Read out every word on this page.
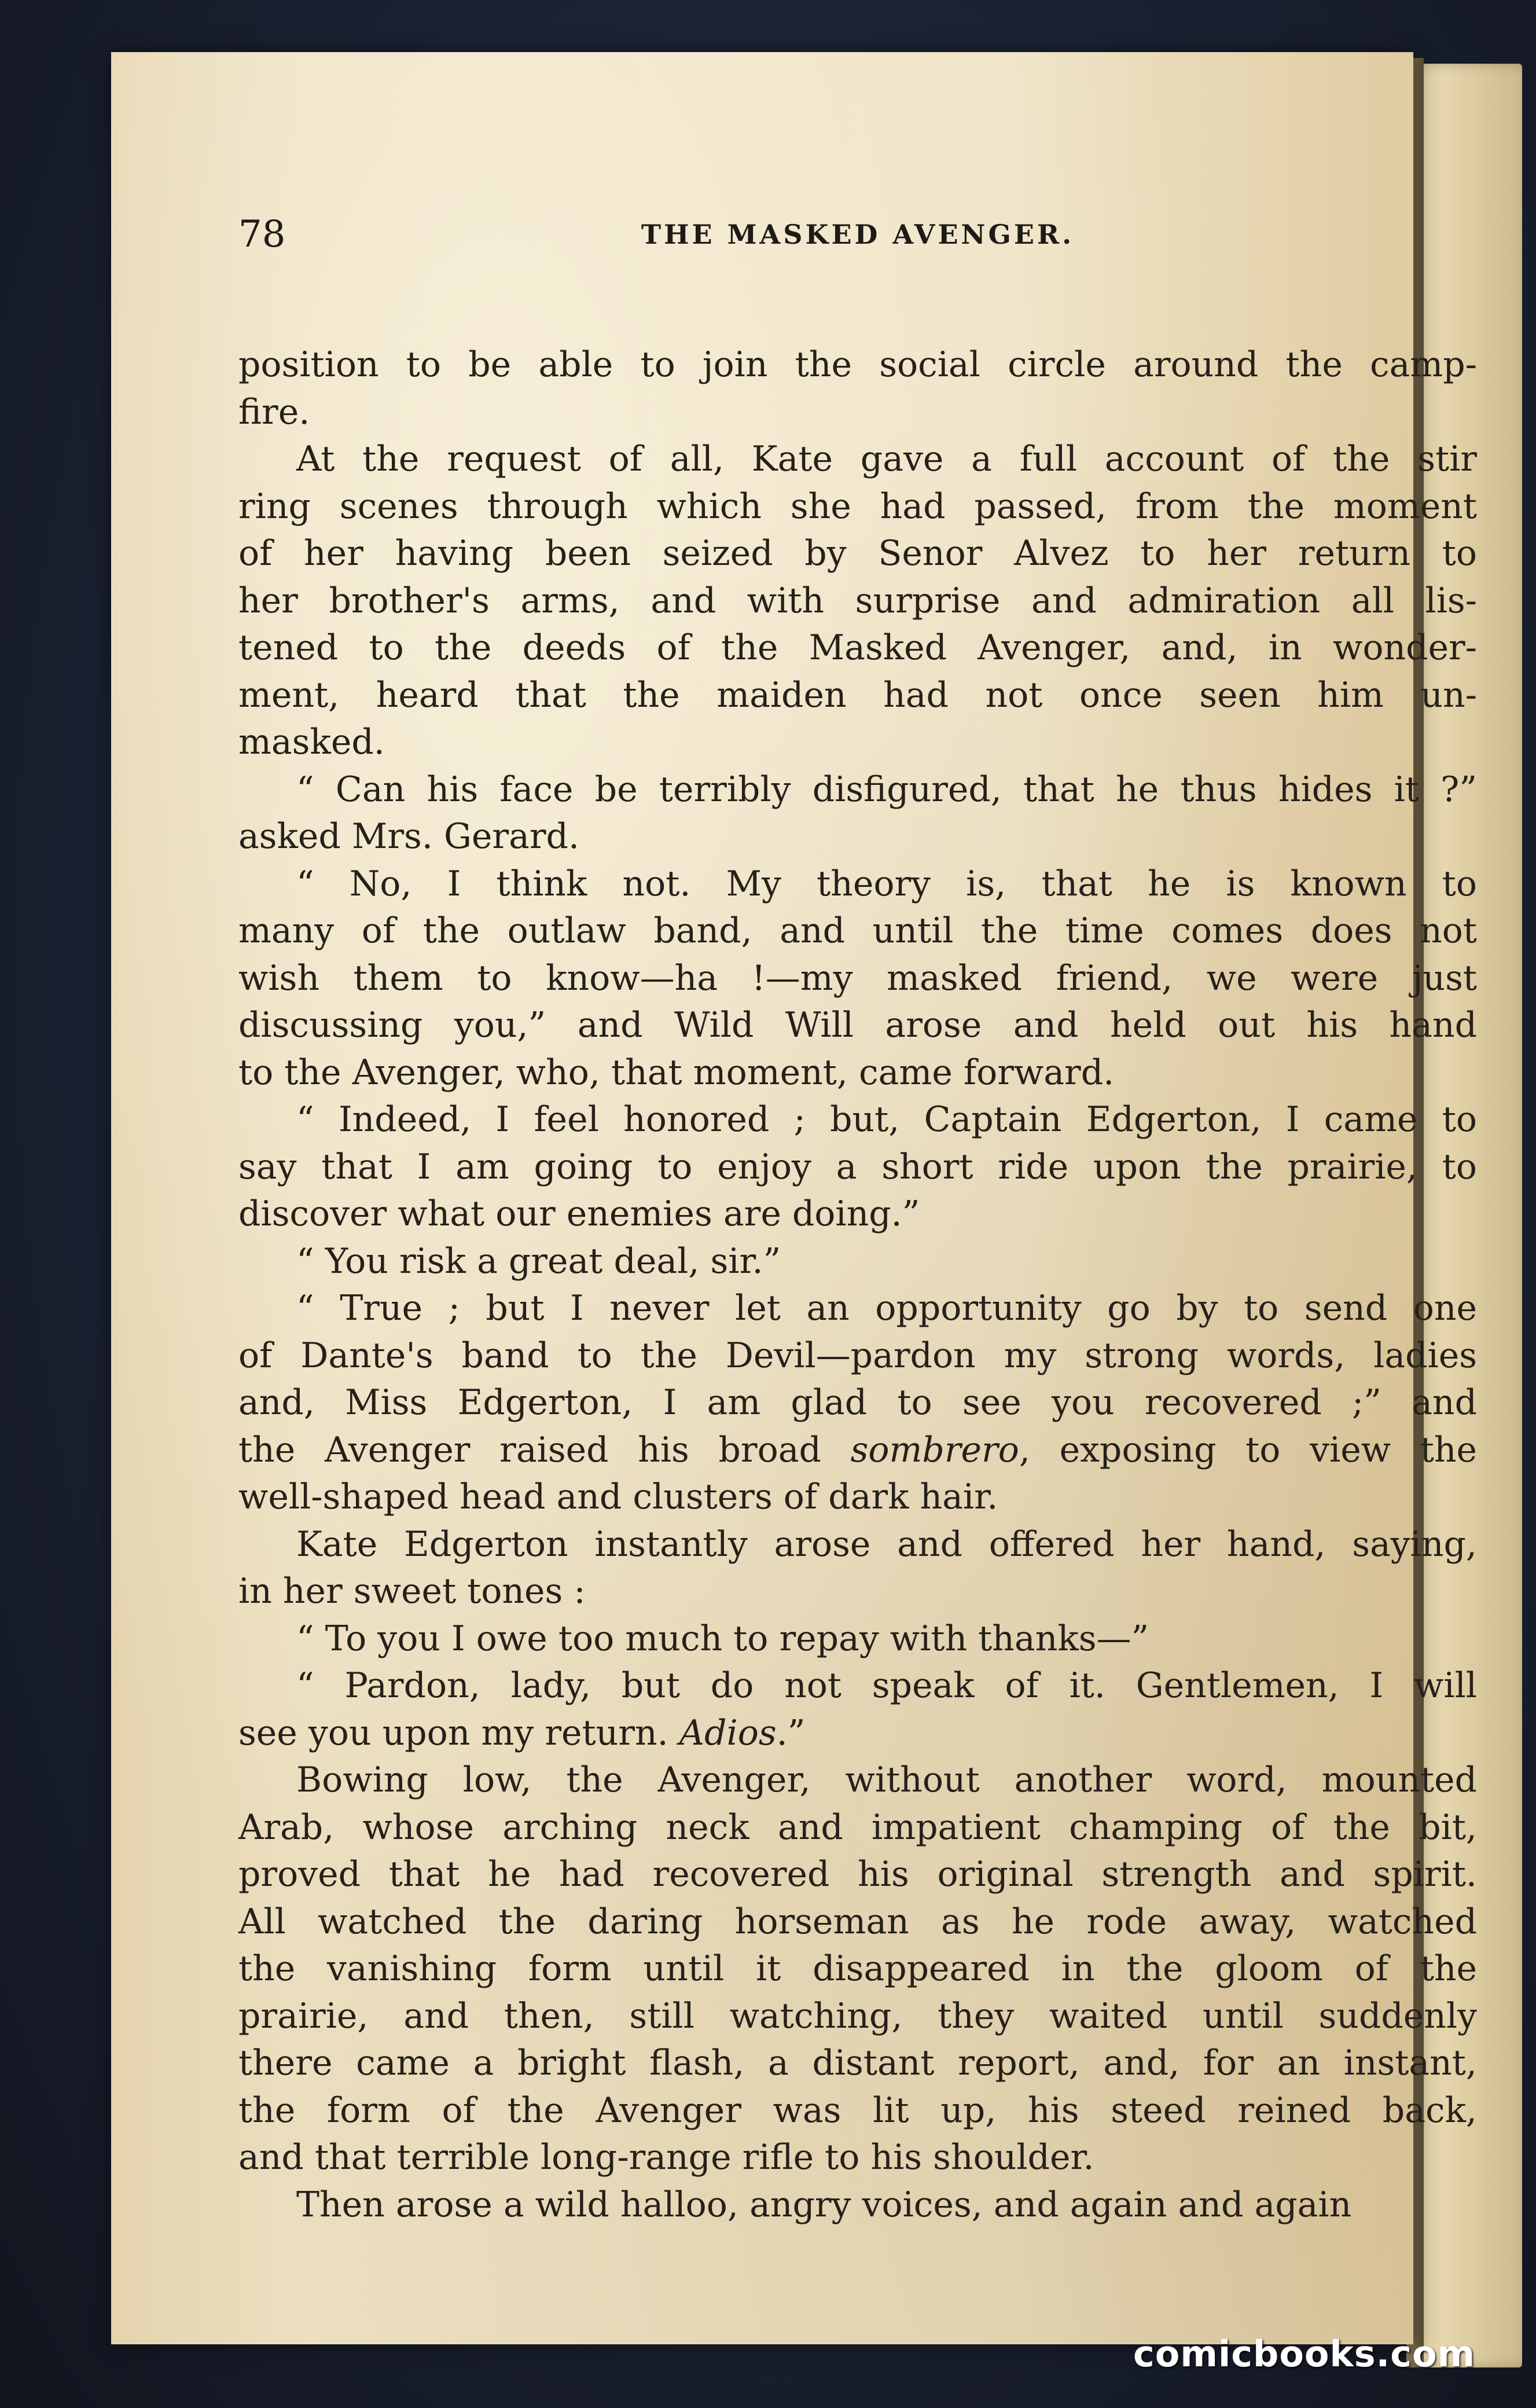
78	THE MASKED AVENGER.
position to be able to join the social circle around the camp-
fire.
At the request of all, Kate gave a full account of the stir
ring scenes through which she had passed, from the moment
of her having been seized by Senor Alvez to her return to
her brother's arms, and with surprise and admiration all lis-
tened to the deeds of the Masked Avenger, and, in wonder-
ment, heard that the maiden had not once seen him un-
masked.
“ Can his face be terribly disfigured, that he thus hides it ?”
asked Mrs. Gerard.
“ No, I think not. My theory is, that he is known to
many of the outlaw band, and until the time comes does not
wish them to know—ha !—my masked friend, we were just
discussing you,” and Wild Will arose and held out his hand
to the Avenger, who, that moment, came forward.
“ Indeed, I feel honored ; but, Captain Edgerton, I came to
say that I am going to enjoy a short ride upon the prairie, to
discover what our enemies are doing.”
“ You risk a great deal, sir.”
“ True ; but I never let an opportunity go by to send one
of Dante's band to the Devil—pardon my strong words, ladies
and, Miss Edgerton, I am glad to see you recovered ;” and
the Avenger raised his broad sombrero, exposing to view the
well-shaped head and clusters of dark hair.
Kate Edgerton instantly arose and offered her hand, saying,
in her sweet tones :
“ To you I owe too much to repay with thanks—”
“ Pardon, lady, but do not speak of it. Gentlemen, I will
see you upon my return. Adios.”
Bowing low, the Avenger, without another word, mounted
Arab, whose arching neck and impatient champing of the bit,
proved that he had recovered his original strength and spirit.
All watched the daring horseman as he rode away, watched
the vanishing form until it disappeared in the gloom of the
prairie, and then, still watching, they waited until suddenly
there came a bright flash, a distant report, and, for an instant,
the form of the Avenger was lit up, his steed reined back,
and that terrible long-range rifle to his shoulder.
Then arose a wild halloo, angry voices, and again and again
comicbooks.com
